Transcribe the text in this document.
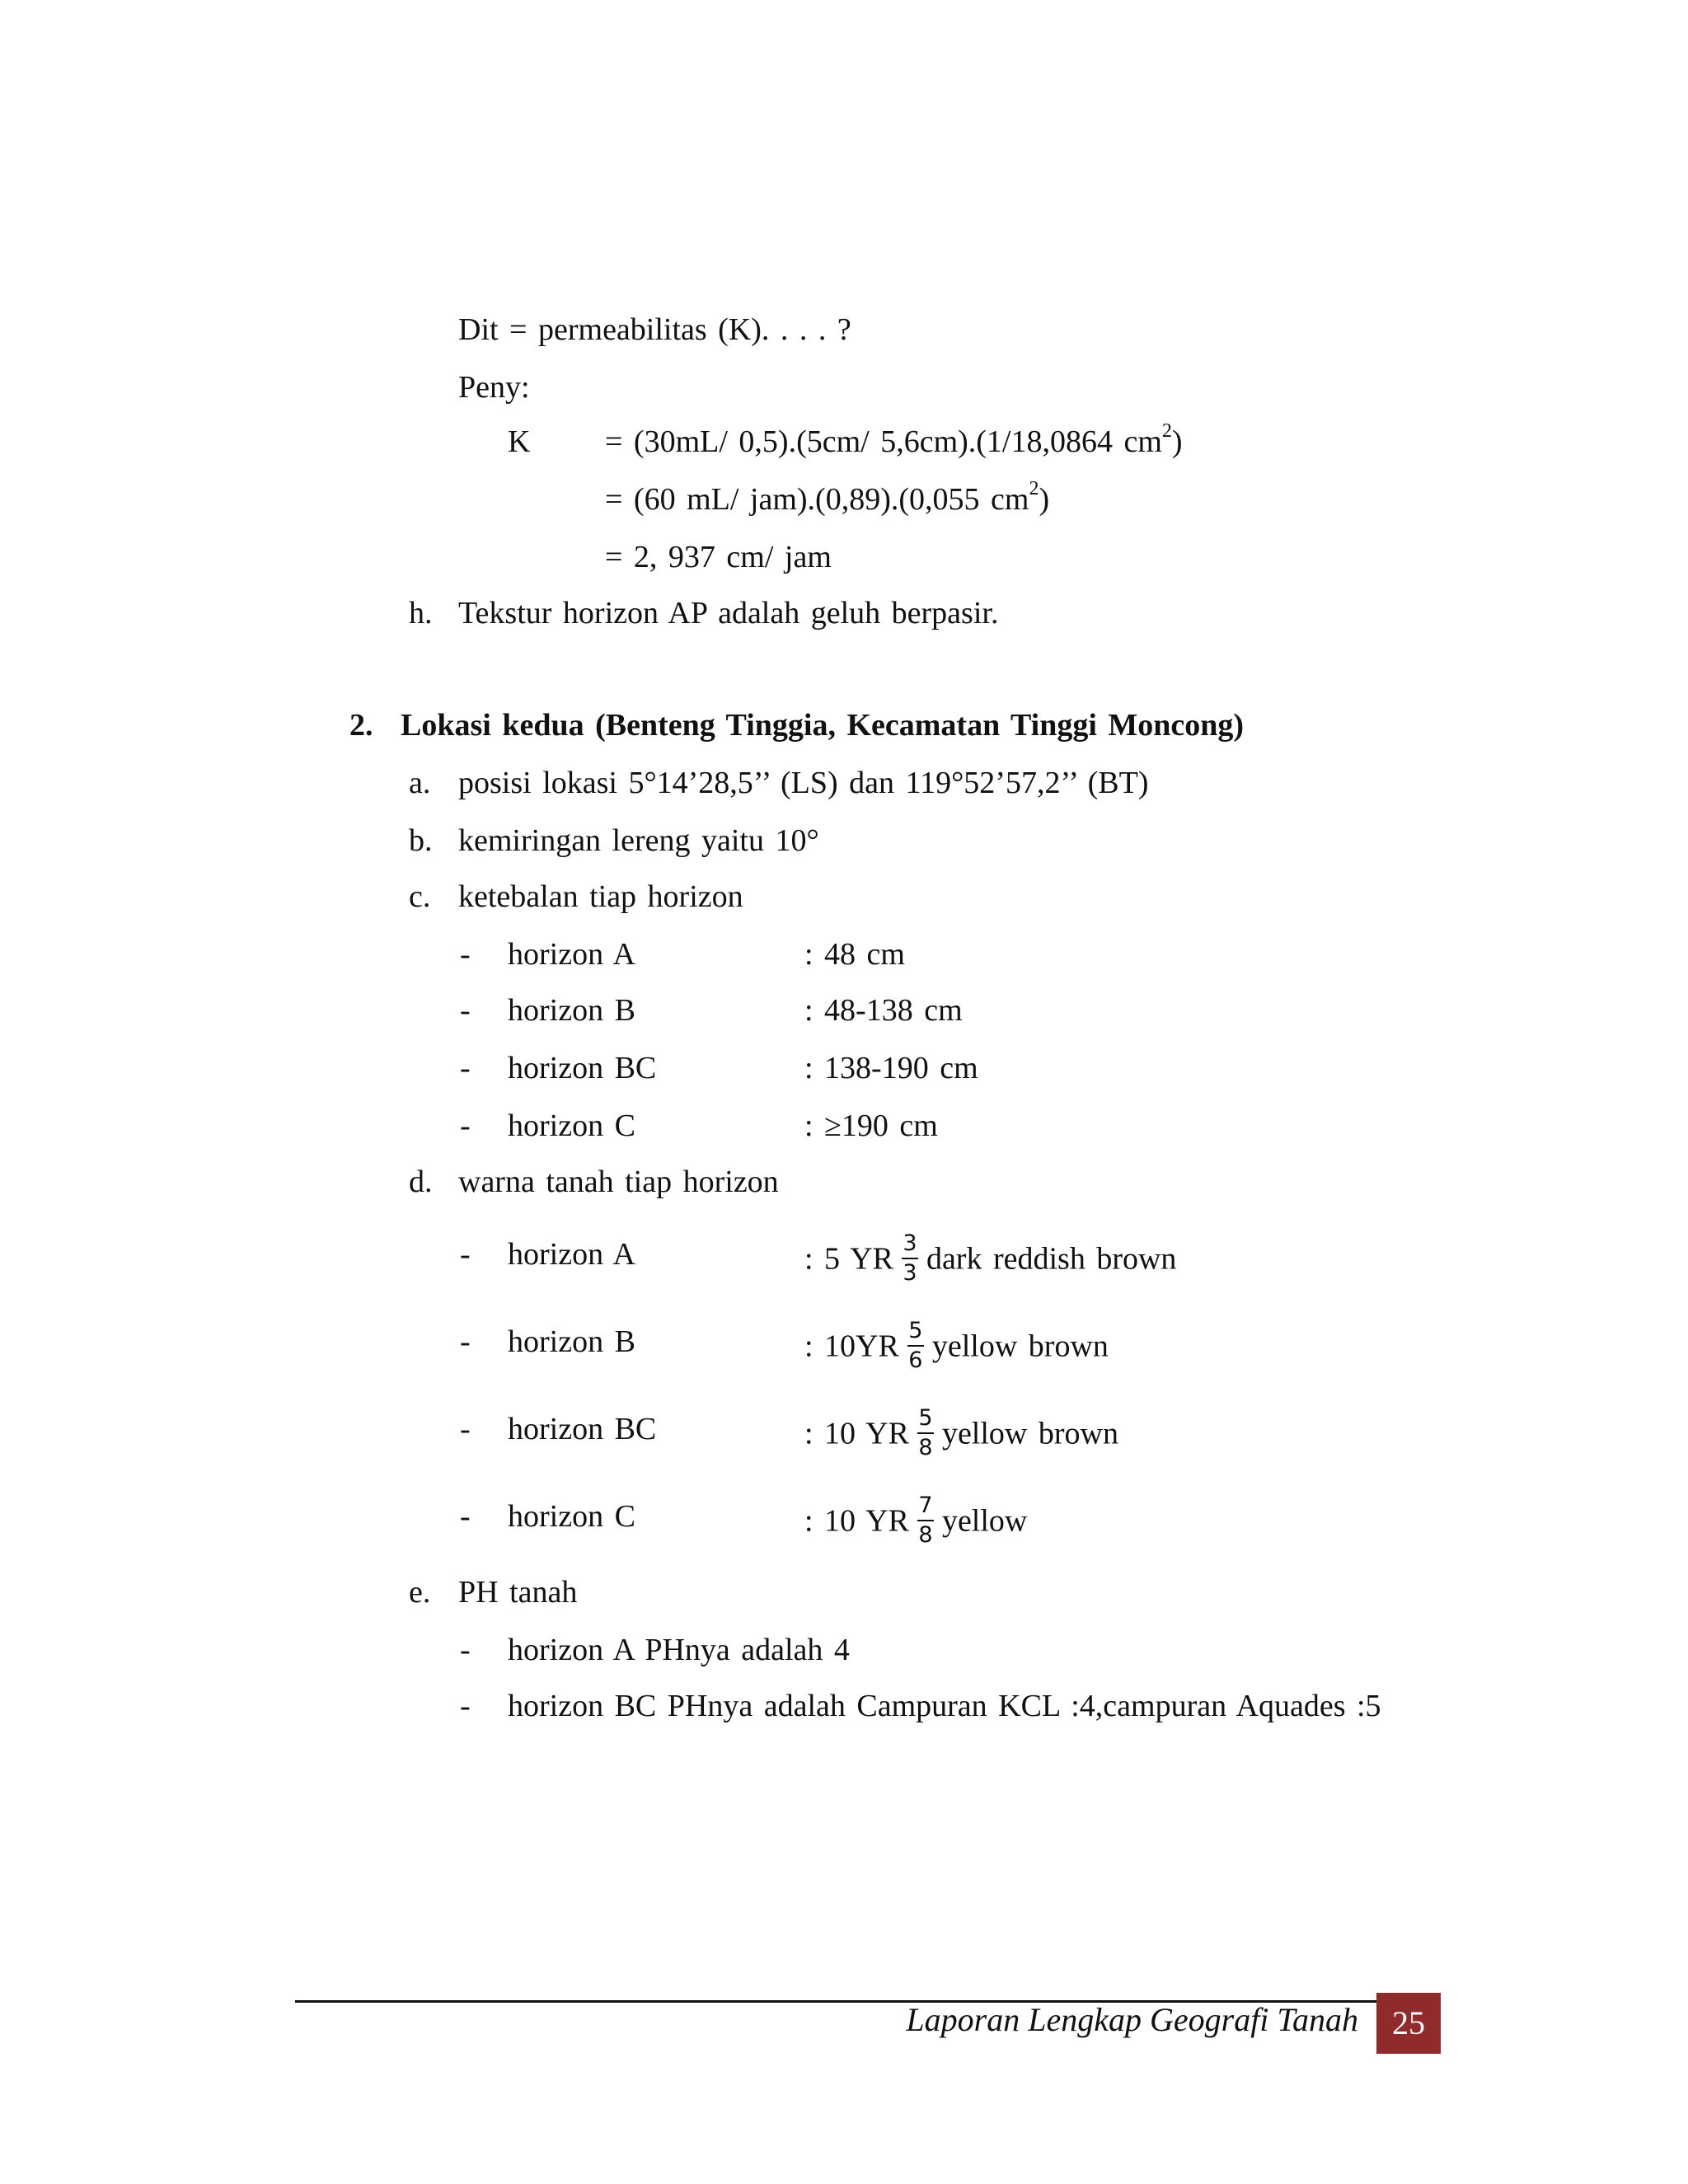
Dit = permeabilitas (K). . . . ?
Peny:
K = (30mL/ 0,5).(5cm/ 5,6cm).(1/18,0864 $cm^2$)
= (60 mL/ jam).(0,89).(0,055 $cm^2$)
= 2, 937 cm/ jam
h. Tekstur horizon AP adalah geluh berpasir.
2. Lokasi kedua (Benteng Tinggia, Kecamatan Tinggi Moncong)
a. posisi lokasi 5°14’28,5’’ (LS) dan 119°52’57,2’’ (BT)
b. kemiringan lereng yaitu 10°
c. ketebalan tiap horizon
- horizon A	: 48 cm
- horizon B	: 48-138 cm
- horizon BC	: 138-190 cm
- horizon C	: ≥190 cm
d. warna tanah tiap horizon
- horizon A	: 5 YR $\frac{3}{3}$ dark reddish brown
- horizon B	: $10YR \frac{5}{6}$ yellow brown
- horizon BC	: 10 YR $\frac{5}{8}$ yellow brown
- horizon C	: 10 YR $\frac{7}{8}$ yellow
e. PH tanah
- horizon A PHnya adalah 4
- horizon BC PHnya adalah Campuran KCL :4,campuran Aquades :5
Laporan Lengkap Geografi Tanah	25
